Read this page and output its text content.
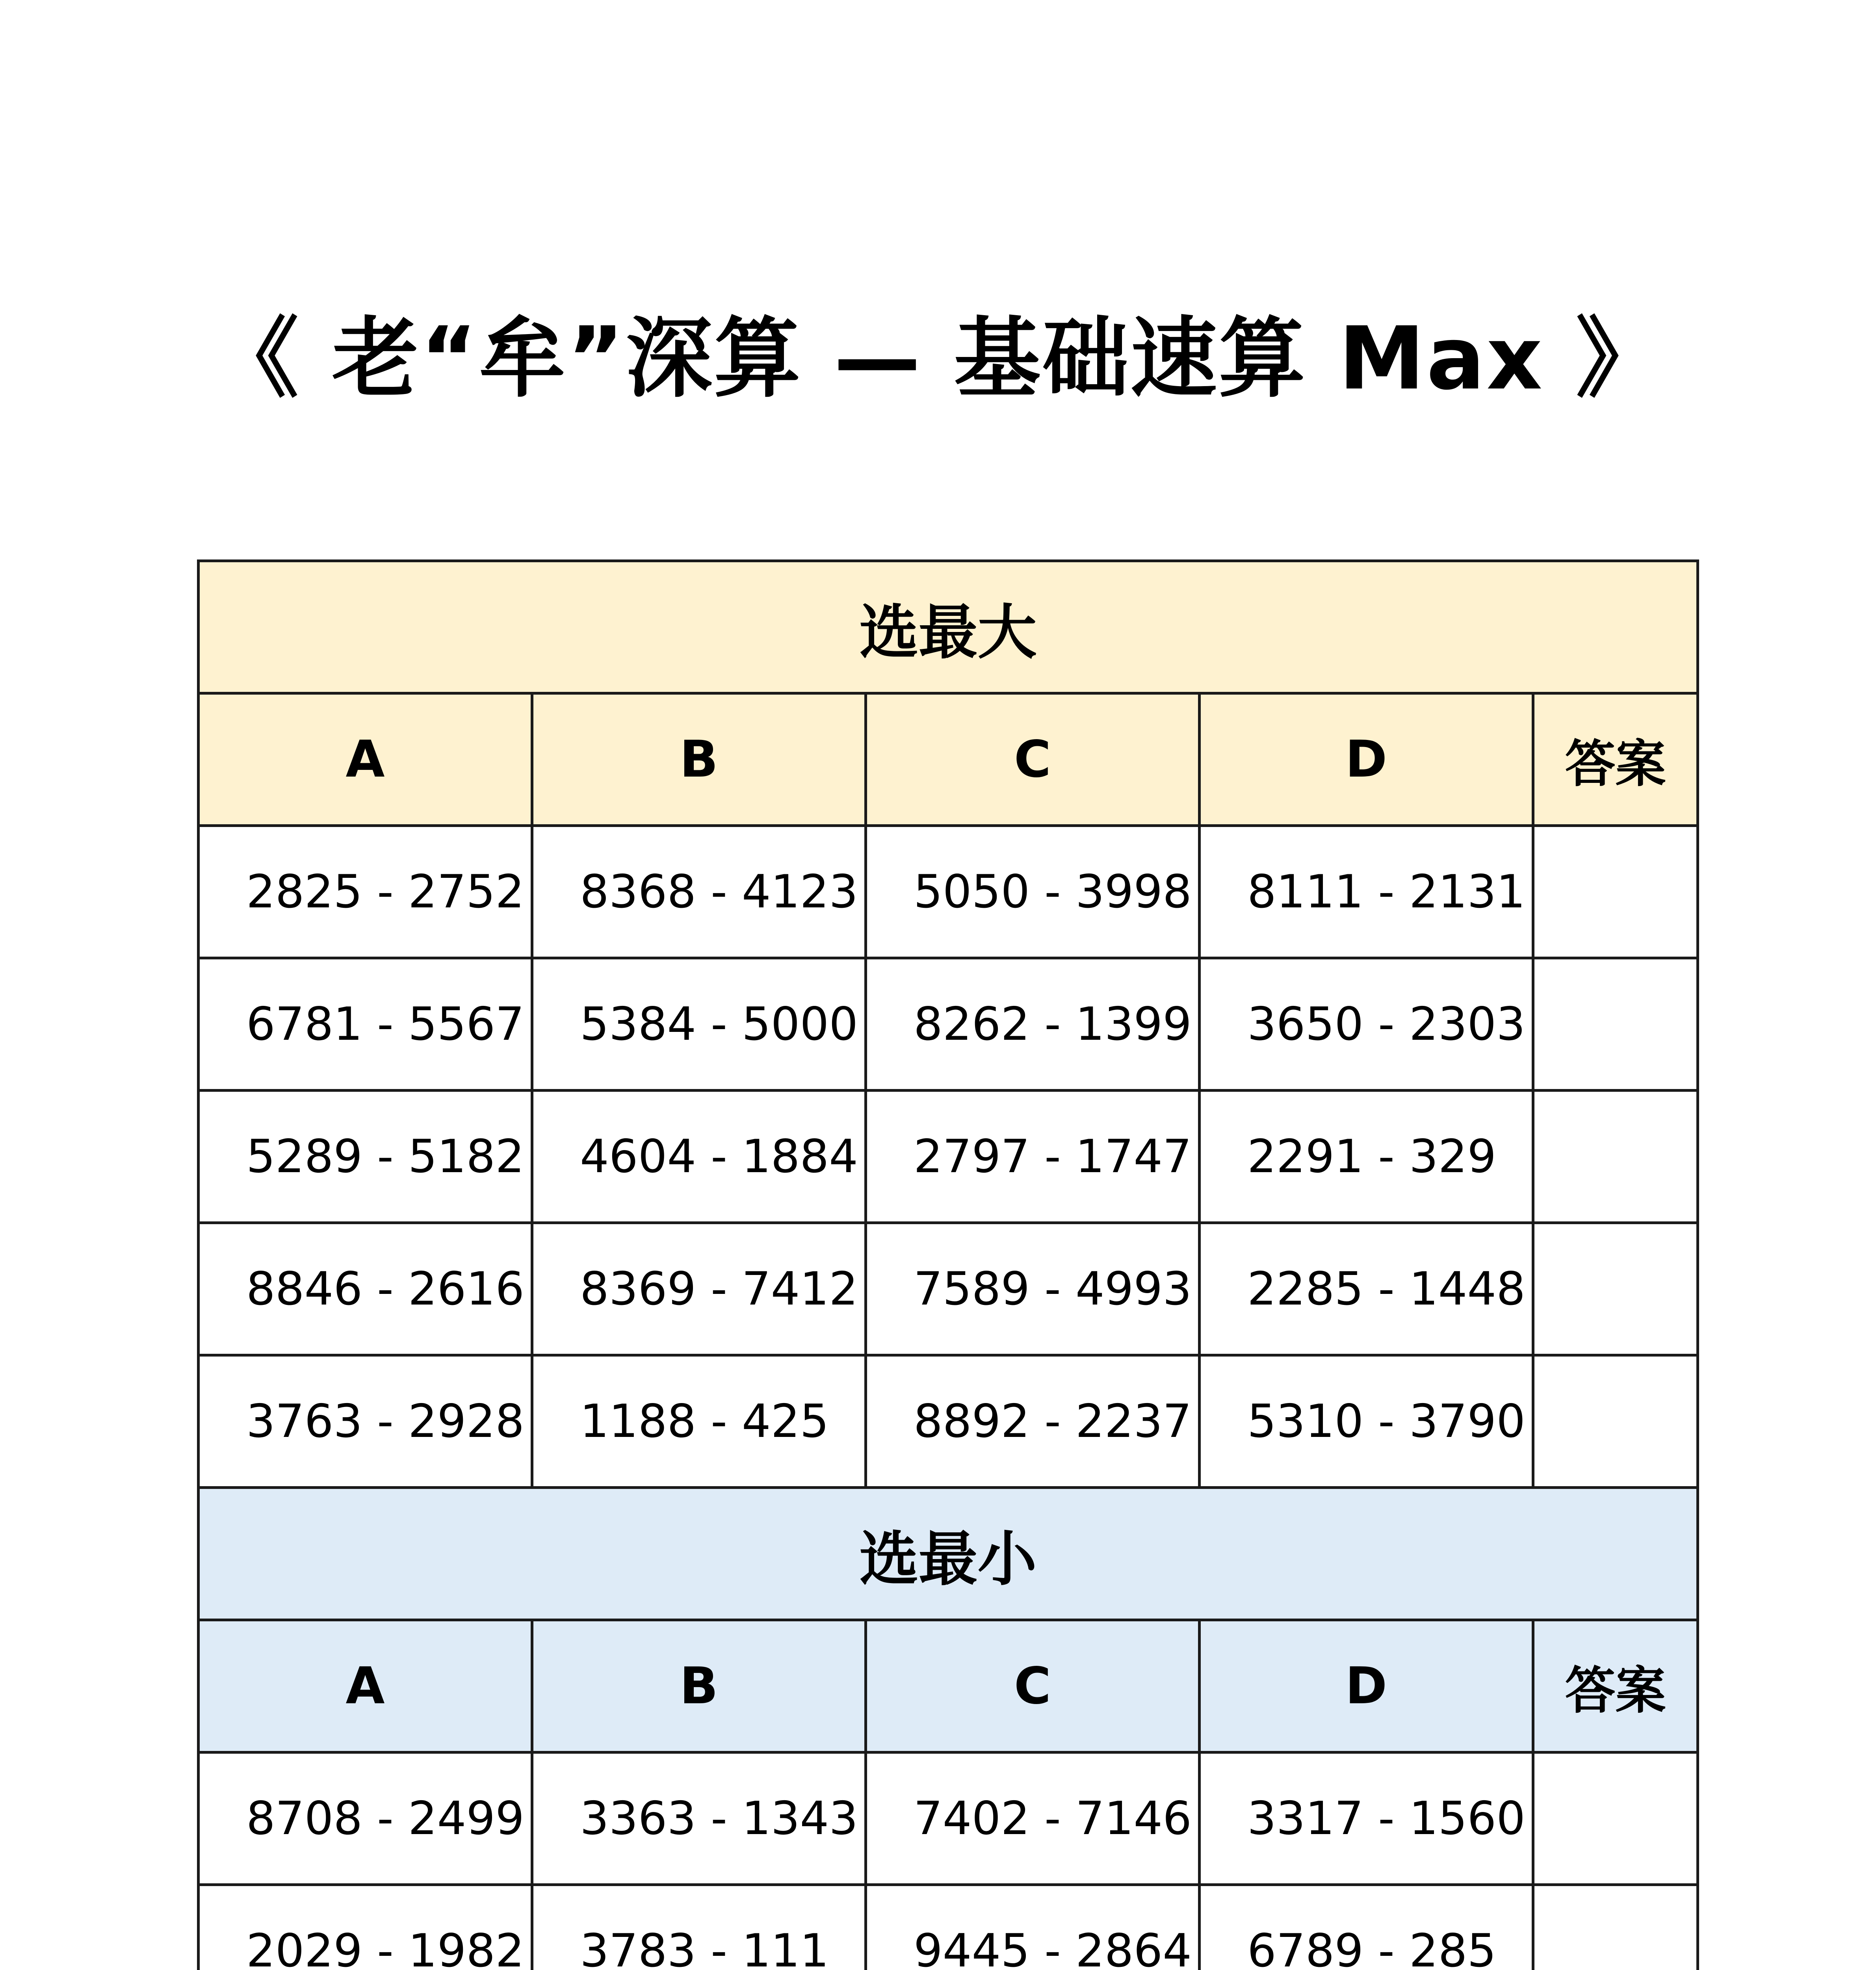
《 老“牟”深算 — 基础速算 Max 》
选最大				
A	B	C	D	答案
2825 - 2752	8368 - 4123	5050 - 3998	8111 - 2131	
6781 - 5567	5384 - 5000	8262 - 1399	3650 - 2303	
5289 - 5182	4604 - 1884	2797 - 1747	2291 - 329	
8846 - 2616	8369 - 7412	7589 - 4993	2285 - 1448	
3763 - 2928	1188 - 425	8892 - 2237	5310 - 3790	
选最小				
A	B	C	D	答案
8708 - 2499	3363 - 1343	7402 - 7146	3317 - 1560	
2029 - 1982	3783 - 111	9445 - 2864	6789 - 285	
